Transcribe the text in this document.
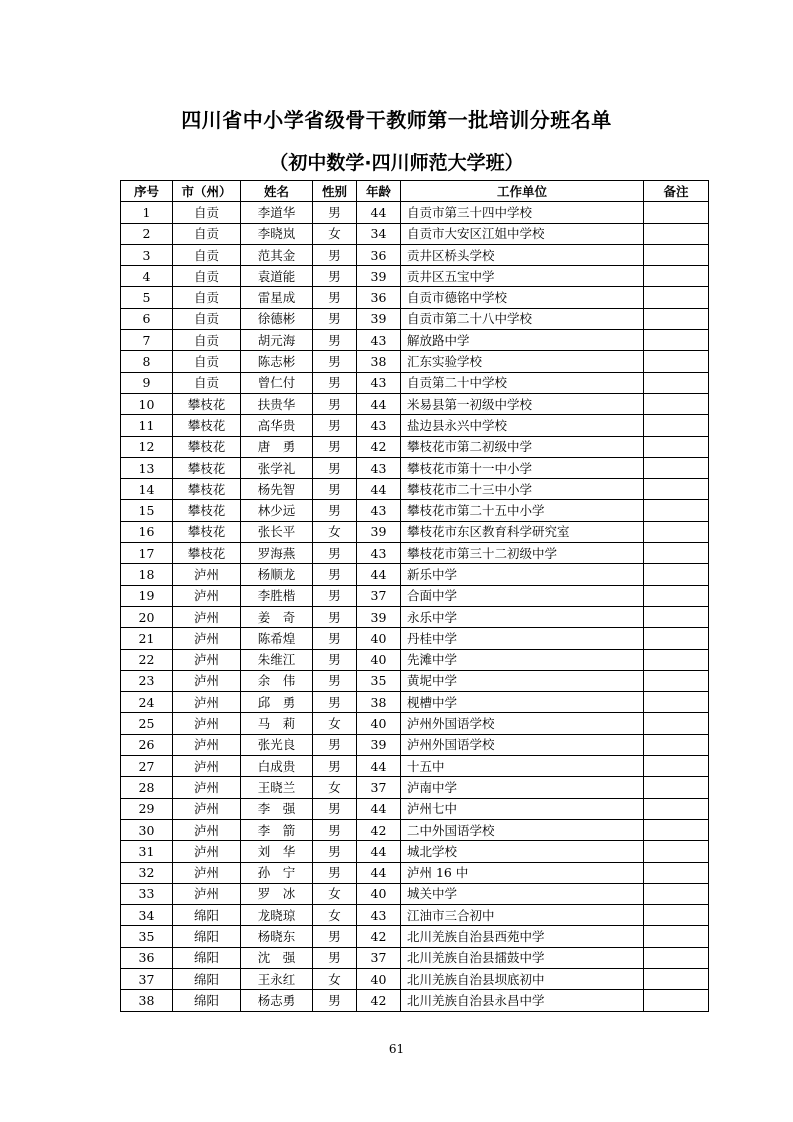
四川省中小学省级骨干教师第一批培训分班名单
（初中数学·四川师范大学班）
序号	市（州）	姓名	性别	年龄	工作单位	备注
1	自贡	李道华	男	44	自贡市第三十四中学校	
2	自贡	李晓岚	女	34	自贡市大安区江姐中学校	
3	自贡	范其金	男	36	贡井区桥头学校	
4	自贡	袁道能	男	39	贡井区五宝中学	
5	自贡	雷星成	男	36	自贡市德铭中学校	
6	自贡	徐德彬	男	39	自贡市第二十八中学校	
7	自贡	胡元海	男	43	解放路中学	
8	自贡	陈志彬	男	38	汇东实验学校	
9	自贡	曾仁付	男	43	自贡第二十中学校	
10	攀枝花	扶贵华	男	44	米易县第一初级中学校	
11	攀枝花	高华贵	男	43	盐边县永兴中学校	
12	攀枝花	唐　勇	男	42	攀枝花市第二初级中学	
13	攀枝花	张学礼	男	43	攀枝花市第十一中小学	
14	攀枝花	杨先智	男	44	攀枝花市二十三中小学	
15	攀枝花	林少远	男	43	攀枝花市第二十五中小学	
16	攀枝花	张长平	女	39	攀枝花市东区教育科学研究室	
17	攀枝花	罗海燕	男	43	攀枝花市第三十二初级中学	
18	泸州	杨顺龙	男	44	新乐中学	
19	泸州	李胜楷	男	37	合面中学	
20	泸州	姜　奇	男	39	永乐中学	
21	泸州	陈希煌	男	40	丹桂中学	
22	泸州	朱维江	男	40	先滩中学	
23	泸州	余　伟	男	35	黄坭中学	
24	泸州	邱　勇	男	38	枧槽中学	
25	泸州	马　莉	女	40	泸州外国语学校	
26	泸州	张光良	男	39	泸州外国语学校	
27	泸州	白成贵	男	44	十五中	
28	泸州	王晓兰	女	37	泸南中学	
29	泸州	李　强	男	44	泸州七中	
30	泸州	李　箭	男	42	二中外国语学校	
31	泸州	刘　华	男	44	城北学校	
32	泸州	孙　宁	男	44	泸州 16 中	
33	泸州	罗　冰	女	40	城关中学	
34	绵阳	龙晓琼	女	43	江油市三合初中	
35	绵阳	杨晓东	男	42	北川羌族自治县西苑中学	
36	绵阳	沈　强	男	37	北川羌族自治县擂鼓中学	
37	绵阳	王永红	女	40	北川羌族自治县坝底初中	
38	绵阳	杨志勇	男	42	北川羌族自治县永昌中学	
61
